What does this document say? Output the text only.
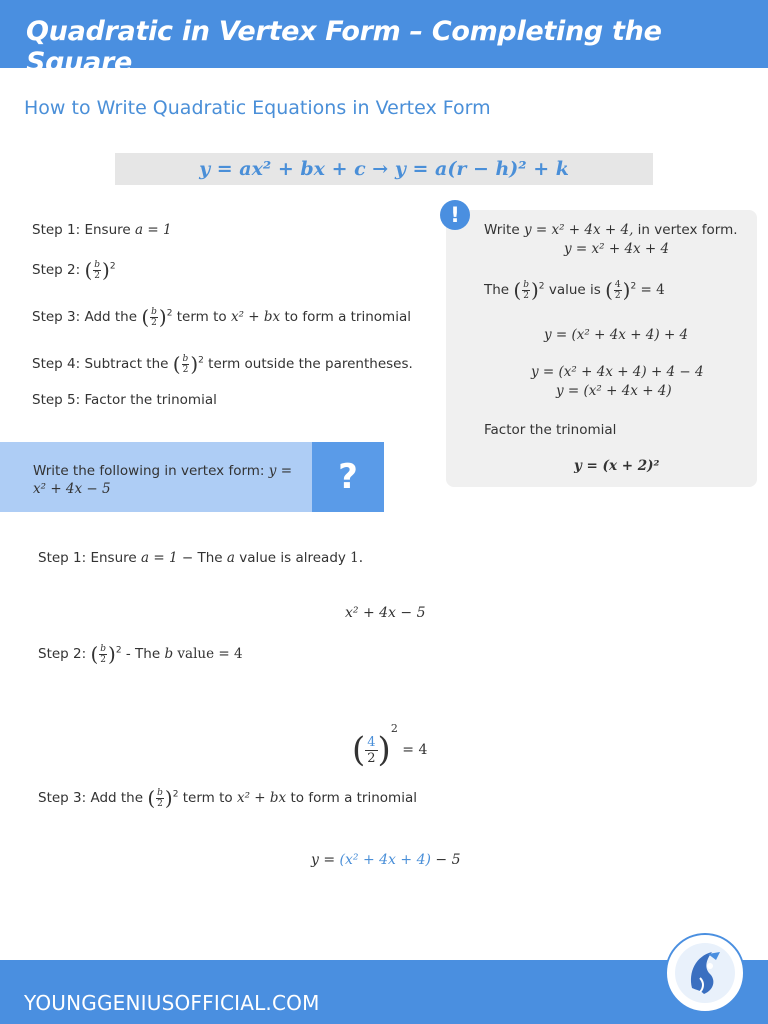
Quadratic in Vertex Form – Completing the Square
How to Write Quadratic Equations in Vertex Form
y = ax² + bx + c → y = a(r − h)² + k
Step 1: Ensure a = 1
Step 2: ( $\frac{b}{2} )^2$
Step 3: Add the ( $\frac{b}{2} )^2$ term to x² + bx to form a trinomial
Step 4: Subtract the ( $\frac{b}{2} )^2$ term outside the parentheses.
Step 5: Factor the trinomial
!
Write y = x² + 4x + 4, in vertex form.
y = x² + 4x + 4
The ( $\frac{b}{2} )^2$ value is ( $\frac{4}{2} )^2 = 4$
y = (x² + 4x + 4) + 4
y = (x² + 4x + 4) + 4 − 4
y = (x² + 4x + 4)
Factor the trinomial
y = (x + 2)²
Write the following in vertex form: y = x² + 4x − 5	?
Step 1: Ensure a = 1 − The a value is already 1.
x² + 4x − 5
Step 2: ( $\frac{b}{2} )^2$ - The b value = 4
( $\frac{4}{2} )^2 = 4$
Step 3: Add the ( $\frac{b}{2} )^2$ term to x² + bx to form a trinomial
y = (x² + 4x + 4) − 5
YOUNGGENIUSOFFICIAL.COM
